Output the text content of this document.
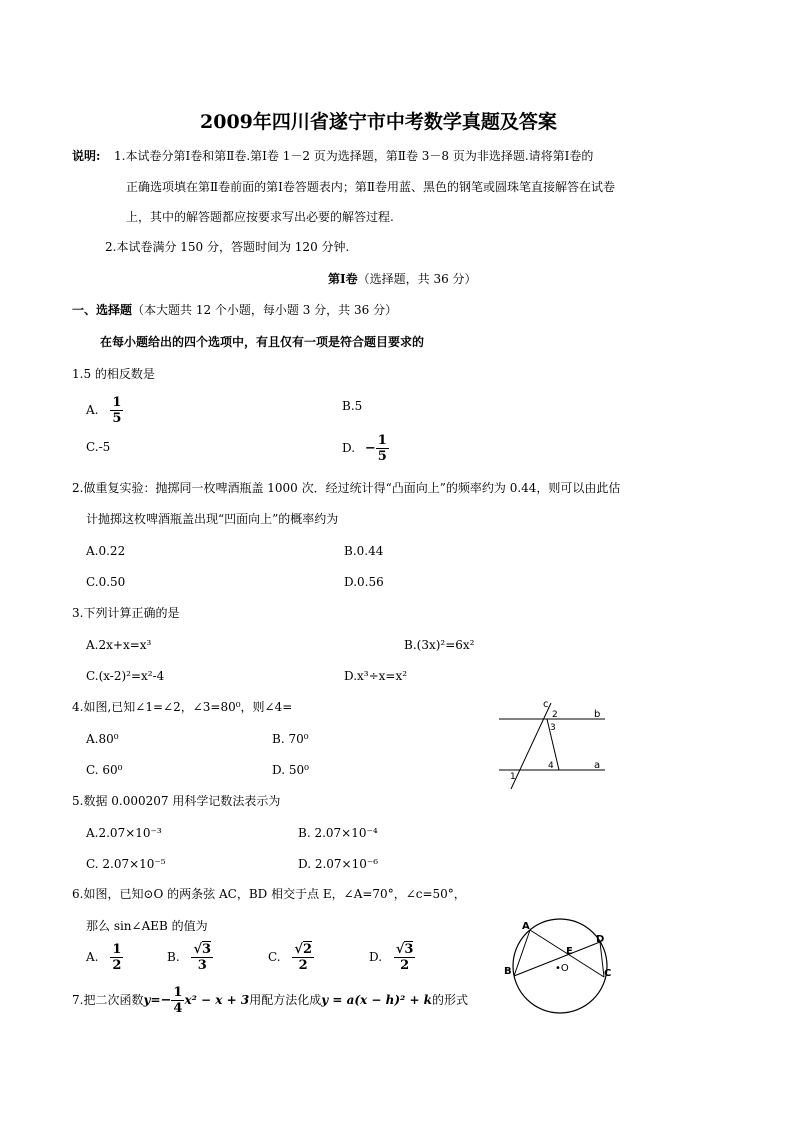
2009年四川省遂宁市中考数学真题及答案
说明: 1.本试卷分第Ⅰ卷和第Ⅱ卷.第Ⅰ卷 1－2 页为选择题，第Ⅱ卷 3－8 页为非选择题.请将第Ⅰ卷的
正确选项填在第Ⅱ卷前面的第Ⅰ卷答题表内；第Ⅱ卷用蓝、黑色的钢笔或圆珠笔直接解答在试卷
上，其中的解答题都应按要求写出必要的解答过程.
2.本试卷满分 150 分，答题时间为 120 分钟.
第Ⅰ卷（选择题，共 36 分）
一、选择题（本大题共 12 个小题，每小题 3 分，共 36 分）
在每小题给出的四个选项中，有且仅有一项是符合题目要求的
1.5 的相反数是
A. $\frac{1}{5}$	B.5
C.-5	D. − $\frac{1}{5}$
2.做重复实验：抛掷同一枚啤酒瓶盖 1000 次．经过统计得“凸面向上”的频率约为 0.44，则可以由此估
计抛掷这枚啤酒瓶盖出现“凹面向上”的概率约为
A.0.22	B.0.44
C.0.50	D.0.56
3.下列计算正确的是
A.2x+x=x³	B.(3x)²=6x²
C.(x-2)²=x²-4	D.x³÷x=x²
4.如图,已知∠1=∠2，∠3=80⁰，则∠4=
A.80⁰	B. 70⁰
C. 60⁰	D. 50⁰
c
b
a
2
3
4
1
5.数据 0.000207 用科学记数法表示为
A.2.07×10⁻³	B. 2.07×10⁻⁴
C. 2.07×10⁻⁵	D. 2.07×10⁻⁶
6.如图，已知⊙O 的两条弦 AC，BD 相交于点 E，∠A=70°，∠c=50°，
那么 sin∠AEB 的值为
A. $\frac{1}{2}$	B. $\frac{√3}{3}$	C. $\frac{√2}{2}$	D. $\frac{√3}{2}$
A
B	C
D
E
•O
7.把二次函数$y=- \frac{1}{4} x^2 - x + 3$用配方法化成y = a(x − h)² + k的形式
